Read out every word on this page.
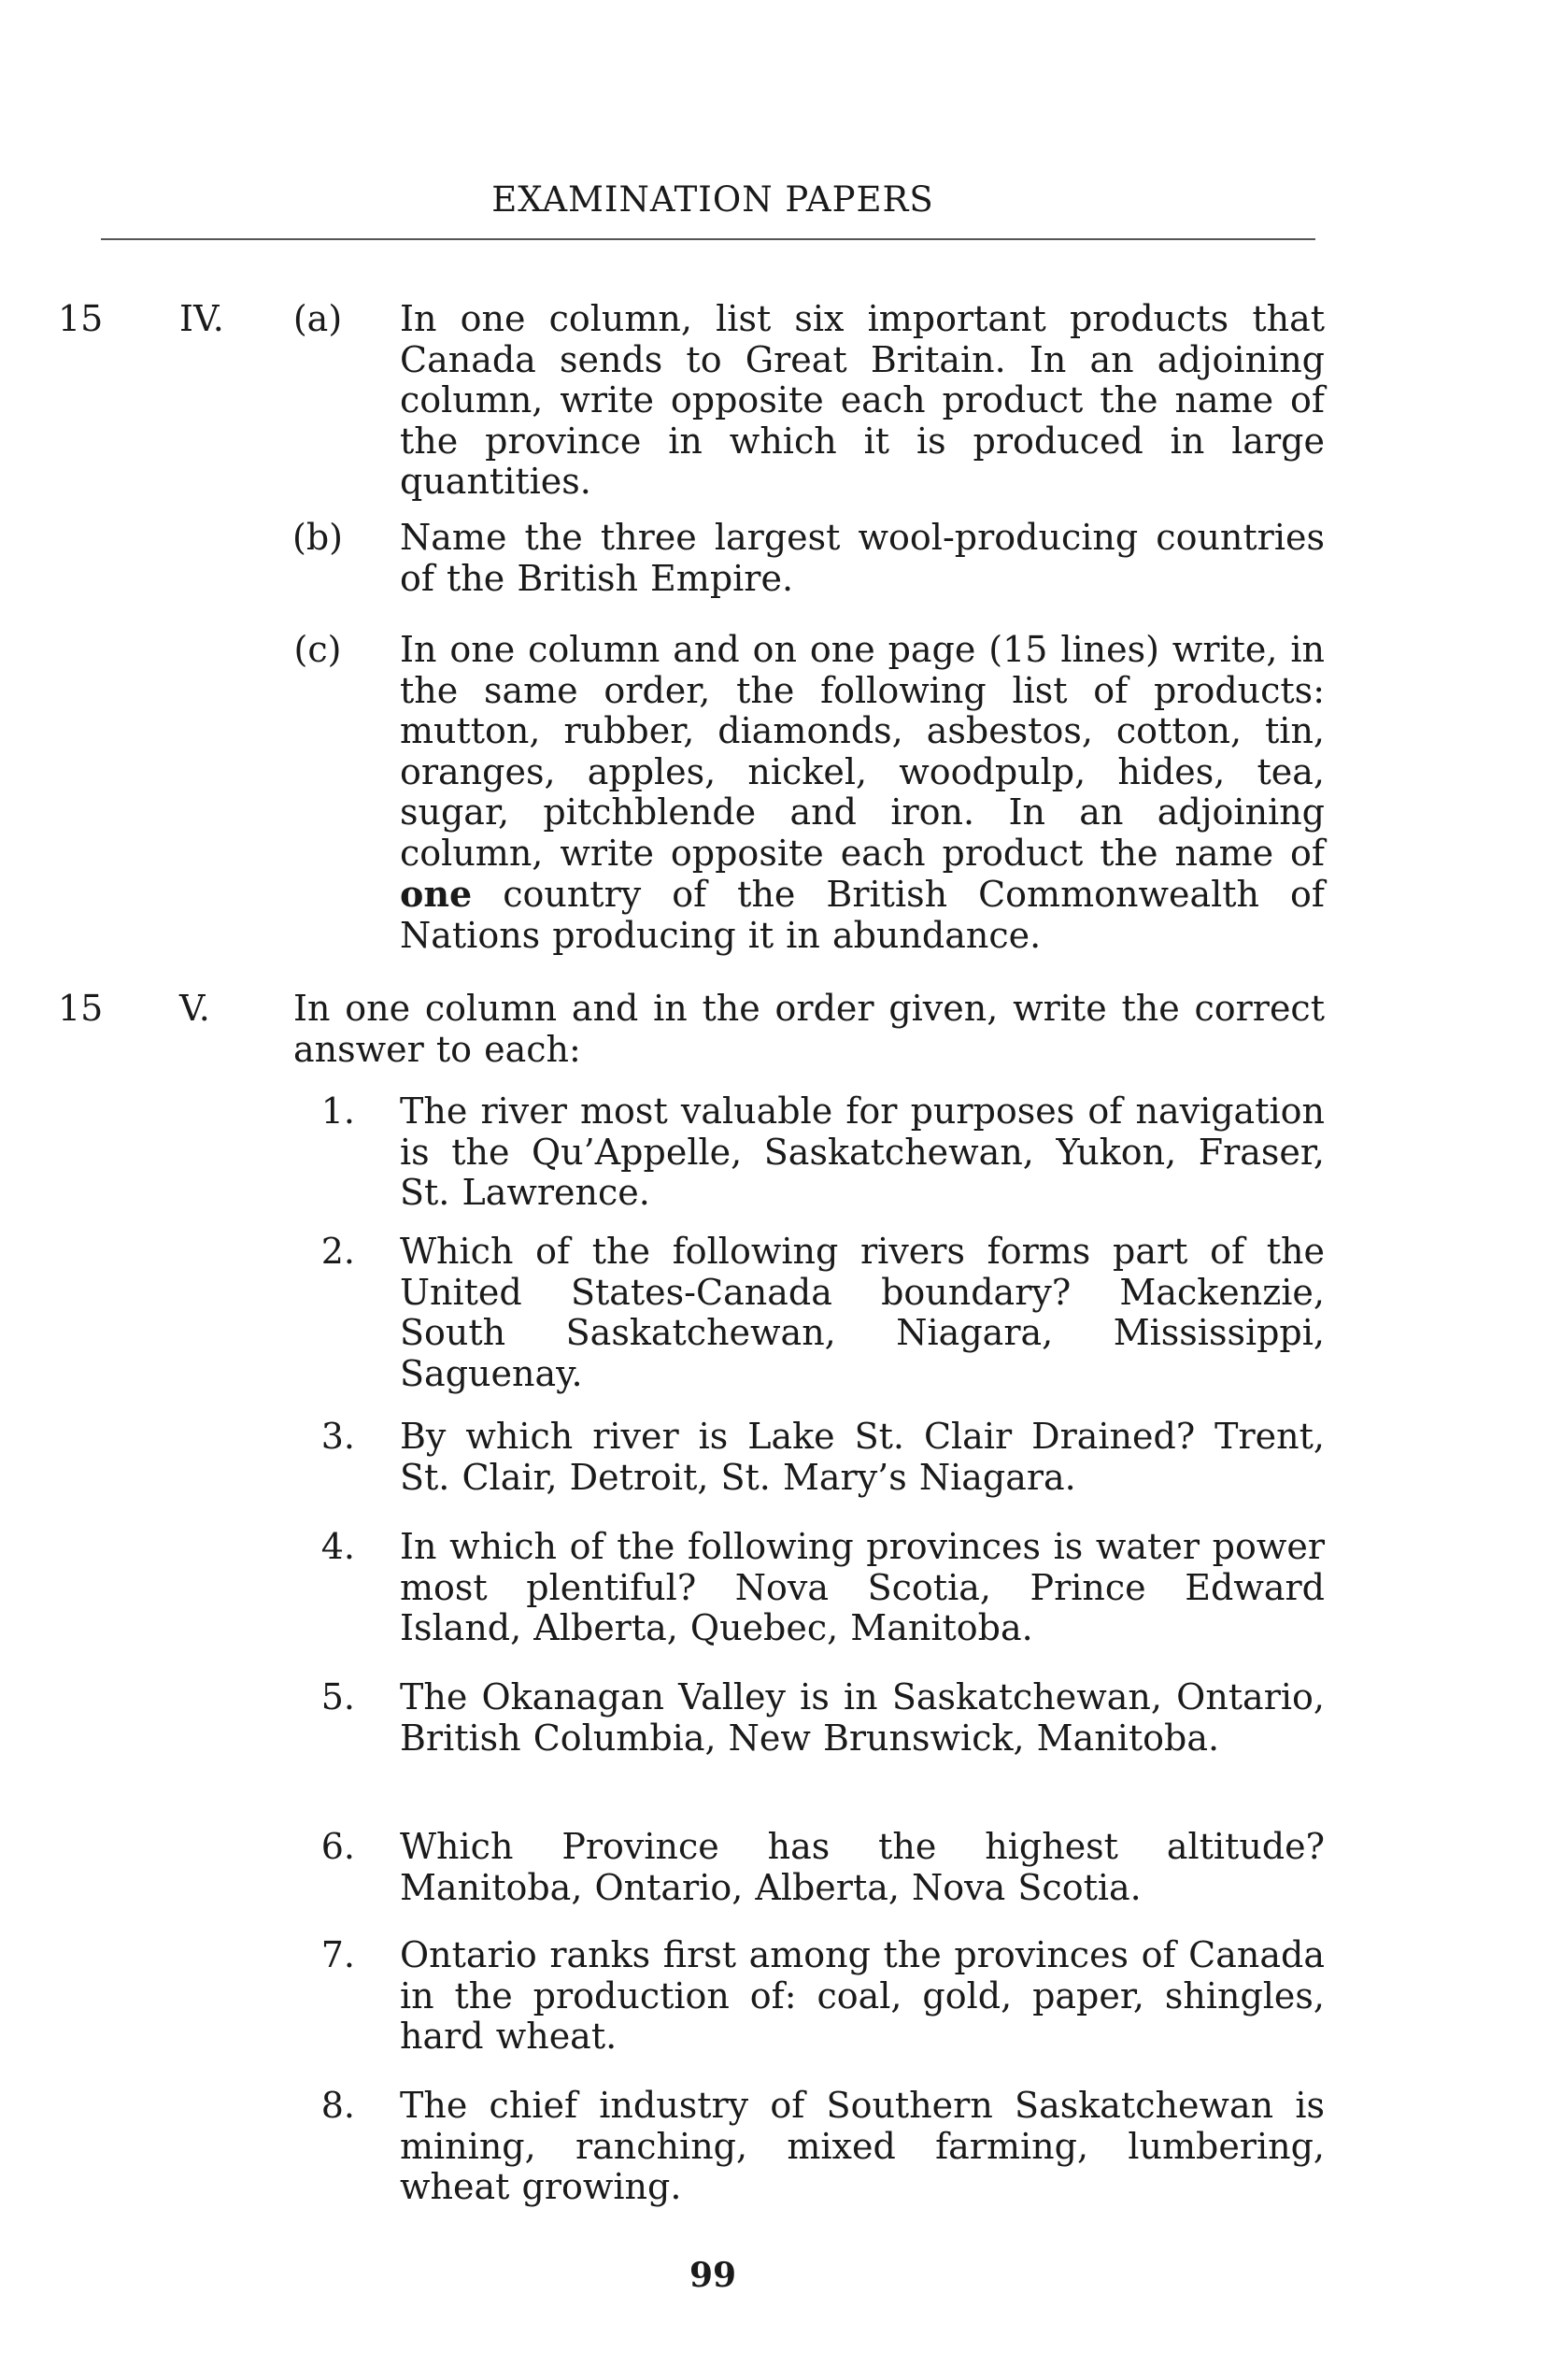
EXAMINATION PAPERS
15 IV.	(a)	In one column, list six important products that Canada sends to Great Britain. In an adjoining column, write opposite each product the name of the province in which it is produced in large quantities.
(b)	Name the three largest wool-producing countries of the British Empire.
(c)	In one column and on one page (15 lines) write, in the same order, the following list of products: mutton, rubber, diamonds, asbestos, cotton, tin, oranges, apples, nickel, woodpulp, hides, tea, sugar, pitchblende and iron. In an adjoining column, write opposite each product the name of one country of the British Commonwealth of Nations producing it in abundance.
15 V. In one column and in the order given, write the correct answer to each:
1. The river most valuable for purposes of navigation is the Qu’Appelle, Saskatchewan, Yukon, Fraser, St. Lawrence.
2. Which of the following rivers forms part of the United States-Canada boundary? Mackenzie, South Saskatchewan, Niagara, Mississippi, Saguenay.
3. By which river is Lake St. Clair Drained? Trent, St. Clair, Detroit, St. Mary’s Niagara.
4. In which of the following provinces is water power most plentiful? Nova Scotia, Prince Edward Island, Alberta, Quebec, Manitoba.
5. The Okanagan Valley is in Saskatchewan, Ontario, British Columbia, New Brunswick, Manitoba.
6. Which Province has the highest altitude? Manitoba, Ontario, Alberta, Nova Scotia.
7. Ontario ranks first among the provinces of Canada in the production of: coal, gold, paper, shingles, hard wheat.
8. The chief industry of Southern Saskatchewan is mining, ranching, mixed farming, lumbering, wheat growing.
99
